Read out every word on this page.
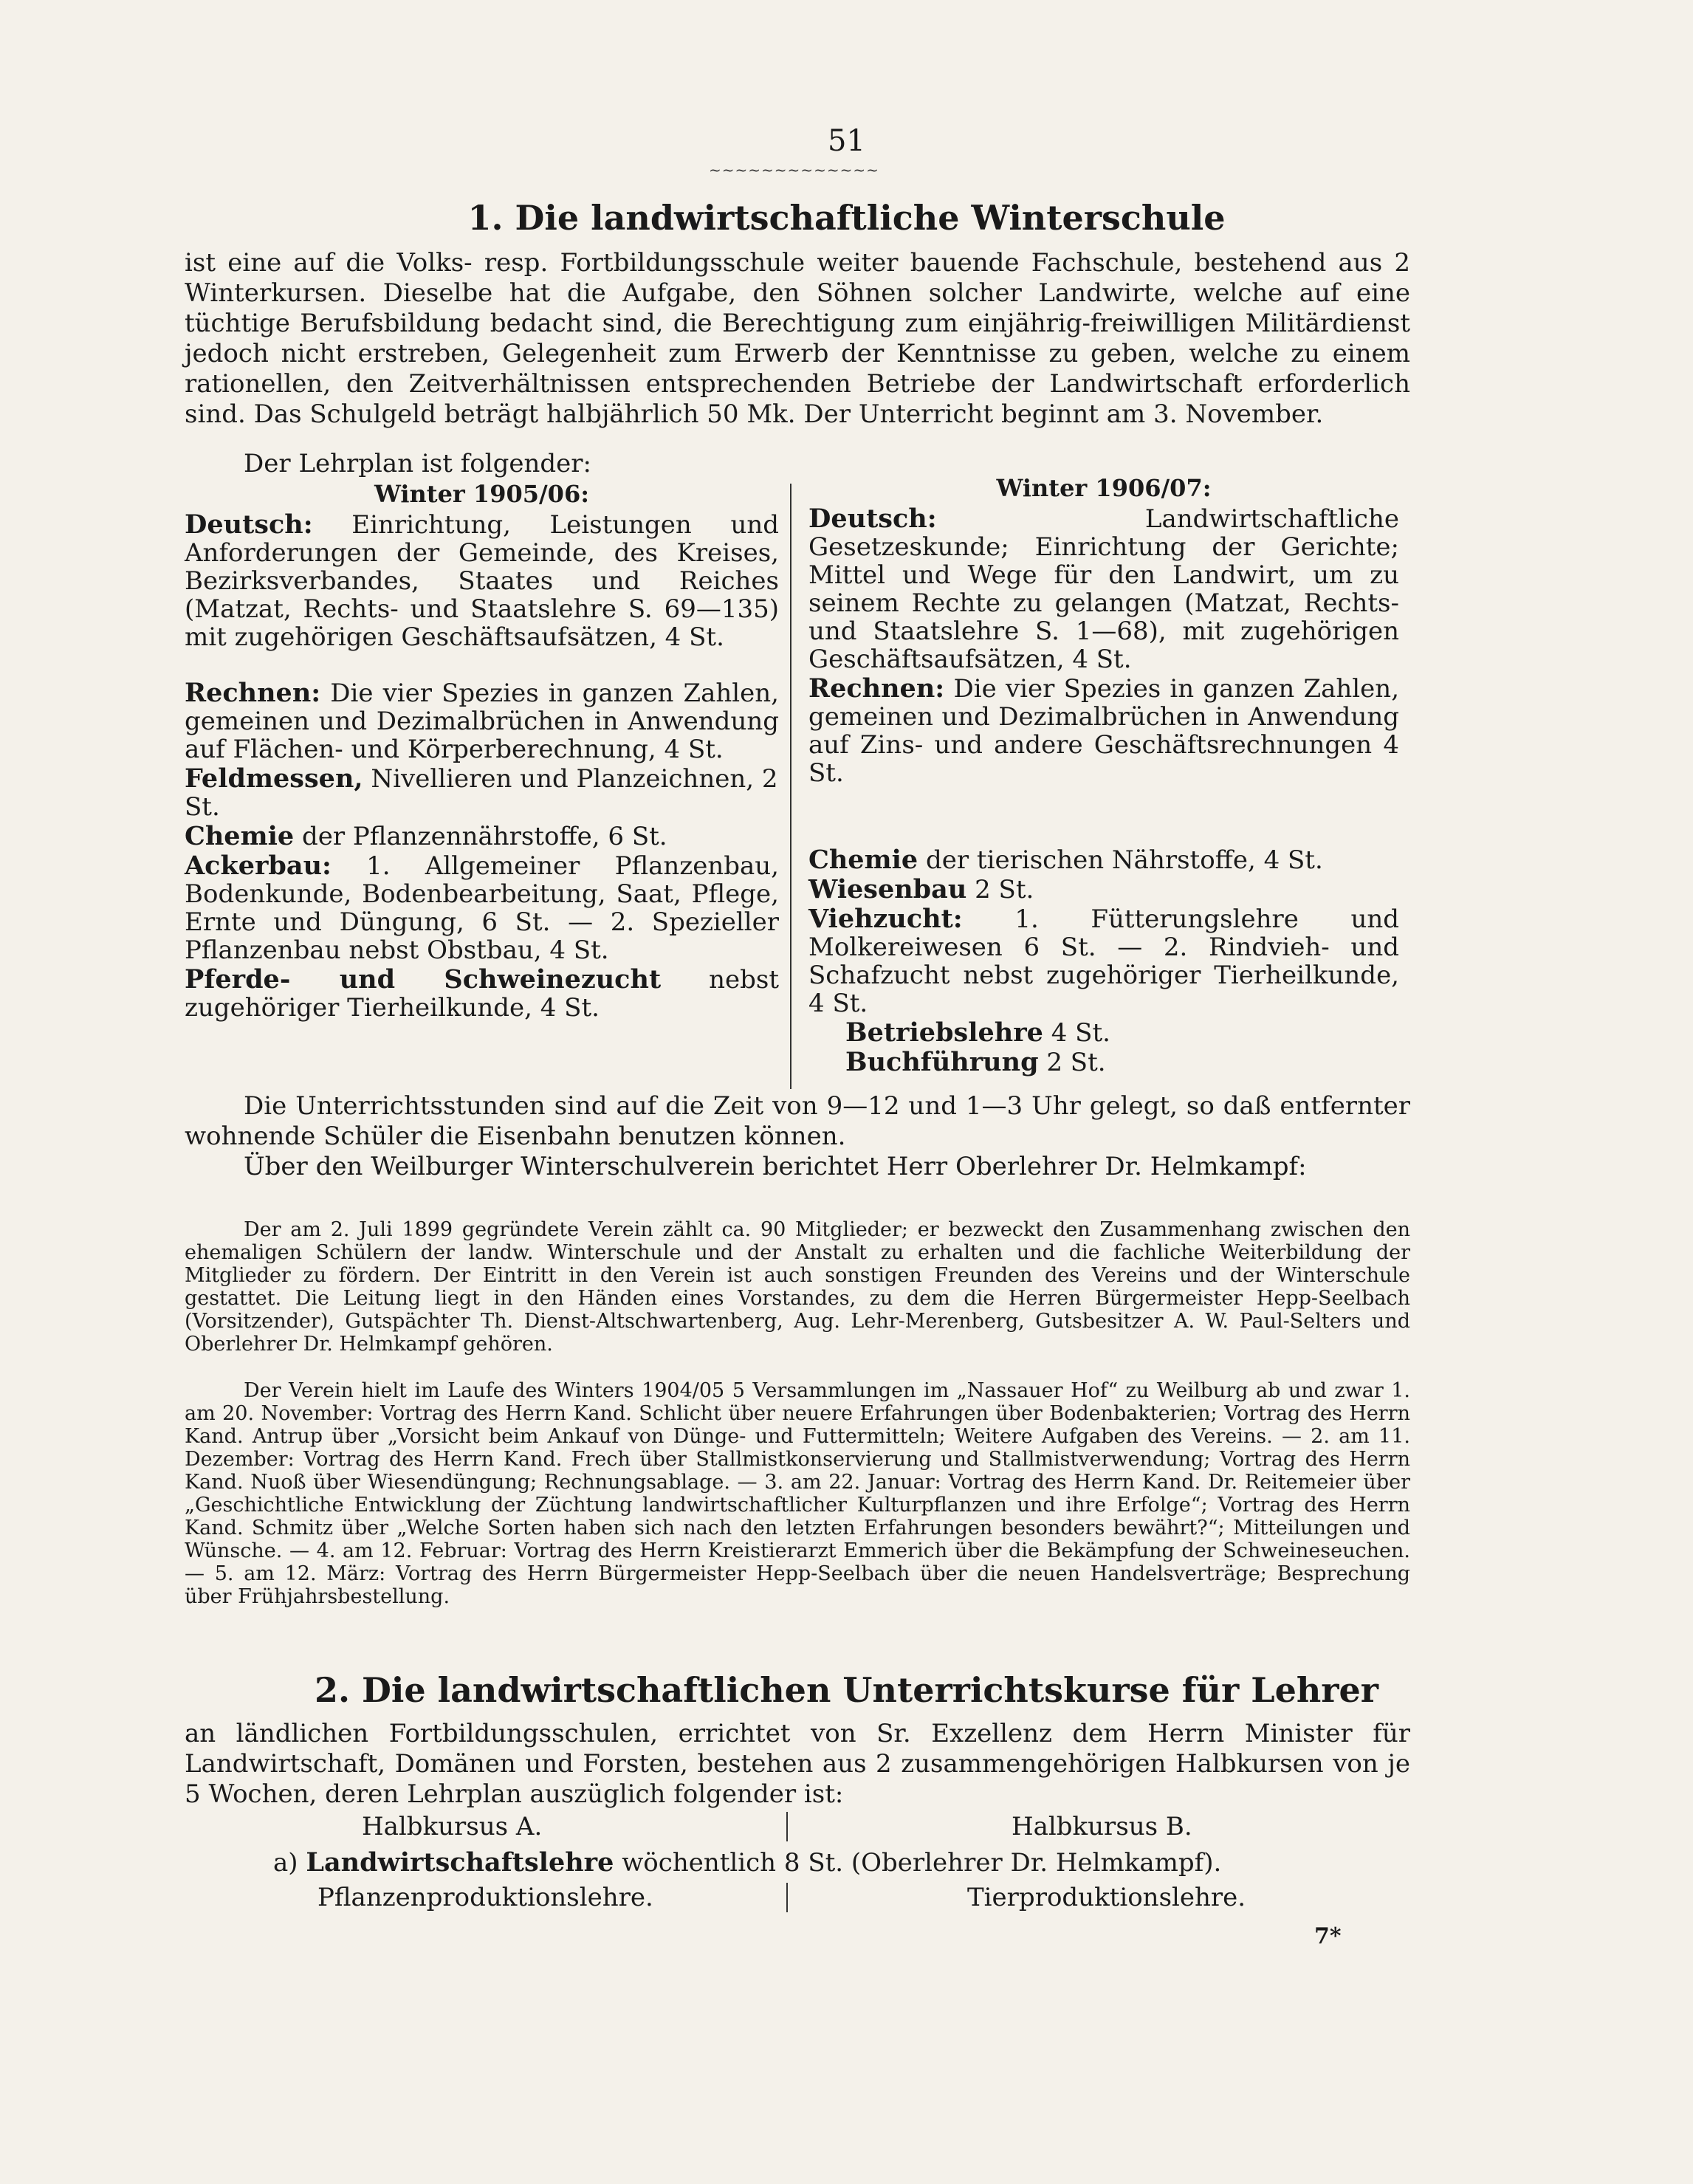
51
~~~~~~~~~~~~~
1. Die landwirtschaftliche Winterschule

ist eine auf die Volks- resp. Fortbildungsschule weiter bauende Fachschule, bestehend aus 2 Winterkursen. Dieselbe hat die Aufgabe, den Söhnen solcher Landwirte, welche auf eine tüchtige Berufsbildung bedacht sind, die Berechtigung zum einjährig-freiwilligen Militärdienst jedoch nicht erstreben, Gelegenheit zum Erwerb der Kenntnisse zu geben, welche zu einem rationellen, den Zeitverhältnissen entsprechenden Betriebe der Landwirtschaft erforderlich sind. Das Schulgeld beträgt halbjährlich 50 Mk. Der Unterricht beginnt am 3. November.

Der Lehrplan ist folgender:
Winter 1905/06:
Deutsch: Einrichtung, Leistungen und Anforderungen der Gemeinde, des Kreises, Bezirksverbandes, Staates und Reiches (Matzat, Rechts- und Staatslehre S. 69—135) mit zugehörigen Geschäftsaufsätzen, 4 St.
Rechnen: Die vier Spezies in ganzen Zahlen, gemeinen und Dezimalbrüchen in Anwendung auf Flächen- und Körperberechnung, 4 St.
Feldmessen, Nivellieren und Planzeichnen, 2 St.
Chemie der Pflanzennährstoffe, 6 St.
Ackerbau: 1. Allgemeiner Pflanzenbau, Bodenkunde, Bodenbearbeitung, Saat, Pflege, Ernte und Düngung, 6 St. — 2. Spezieller Pflanzenbau nebst Obstbau, 4 St.
Pferde- und Schweinezucht nebst zugehöriger Tierheilkunde, 4 St.
Winter 1906/07:
Deutsch:	Landwirtschaftliche Gesetzeskunde; Einrichtung der Gerichte; Mittel und Wege für den Landwirt, um zu seinem Rechte zu gelangen (Matzat, Rechts- und Staatslehre S. 1—68), mit zugehörigen Geschäftsaufsätzen, 4 St.
Rechnen: Die vier Spezies in ganzen Zahlen, gemeinen und Dezimalbrüchen in Anwendung auf Zins- und andere Geschäftsrechnungen 4 St.
Chemie der tierischen Nährstoffe, 4 St.
Wiesenbau 2 St.
Viehzucht: 1. Fütterungslehre und Molkereiwesen 6 St. — 2. Rindvieh- und Schafzucht nebst zugehöriger Tierheilkunde, 4 St.
Betriebslehre 4 St.
Buchführung 2 St.

Die Unterrichtsstunden sind auf die Zeit von 9—12 und 1—3 Uhr gelegt, so daß entfernter wohnende Schüler die Eisenbahn benutzen können.

Über den Weilburger Winterschulverein berichtet Herr Oberlehrer Dr. Helmkampf:

Der am 2. Juli 1899 gegründete Verein zählt ca. 90 Mitglieder; er bezweckt den Zusammenhang zwischen den ehemaligen Schülern der landw. Winterschule und der Anstalt zu erhalten und die fachliche Weiterbildung der Mitglieder zu fördern. Der Eintritt in den Verein ist auch sonstigen Freunden des Vereins und der Winterschule gestattet. Die Leitung liegt in den Händen eines Vorstandes, zu dem die Herren Bürgermeister Hepp-Seelbach (Vorsitzender), Gutspächter Th. Dienst-Altschwartenberg, Aug. Lehr-Merenberg, Gutsbesitzer A. W. Paul-Selters und Oberlehrer Dr. Helmkampf gehören.

Der Verein hielt im Laufe des Winters 1904/05 5 Versammlungen im „Nassauer Hof“ zu Weilburg ab und zwar 1. am 20. November: Vortrag des Herrn Kand. Schlicht über neuere Erfahrungen über Bodenbakterien; Vortrag des Herrn Kand. Antrup über „Vorsicht beim Ankauf von Dünge- und Futtermitteln; Weitere Aufgaben des Vereins. — 2. am 11. Dezember: Vortrag des Herrn Kand. Frech über Stallmistkonservierung und Stallmistverwendung; Vortrag des Herrn Kand. Nuoß über Wiesendüngung; Rechnungsablage. — 3. am 22. Januar: Vortrag des Herrn Kand. Dr. Reitemeier über „Geschichtliche Entwicklung der Züchtung landwirtschaftlicher Kulturpflanzen und ihre Erfolge“; Vortrag des Herrn Kand. Schmitz über „Welche Sorten haben sich nach den letzten Erfahrungen besonders bewährt?“; Mitteilungen und Wünsche. — 4. am 12. Februar: Vortrag des Herrn Kreistierarzt Emmerich über die Bekämpfung der Schweineseuchen. — 5. am 12. März: Vortrag des Herrn Bürgermeister Hepp-Seelbach über die neuen Handelsverträge; Besprechung über Frühjahrsbestellung.

2. Die landwirtschaftlichen Unterrichtskurse für Lehrer

an ländlichen Fortbildungsschulen, errichtet von Sr. Exzellenz dem Herrn Minister für Landwirtschaft, Domänen und Forsten, bestehen aus 2 zusammengehörigen Halbkursen von je 5 Wochen, deren Lehrplan auszüglich folgender ist:

Halbkursus A.	Halbkursus B.
a) Landwirtschaftslehre wöchentlich 8 St. (Oberlehrer Dr. Helmkampf).
Pflanzenproduktionslehre.	Tierproduktionslehre.
7*
